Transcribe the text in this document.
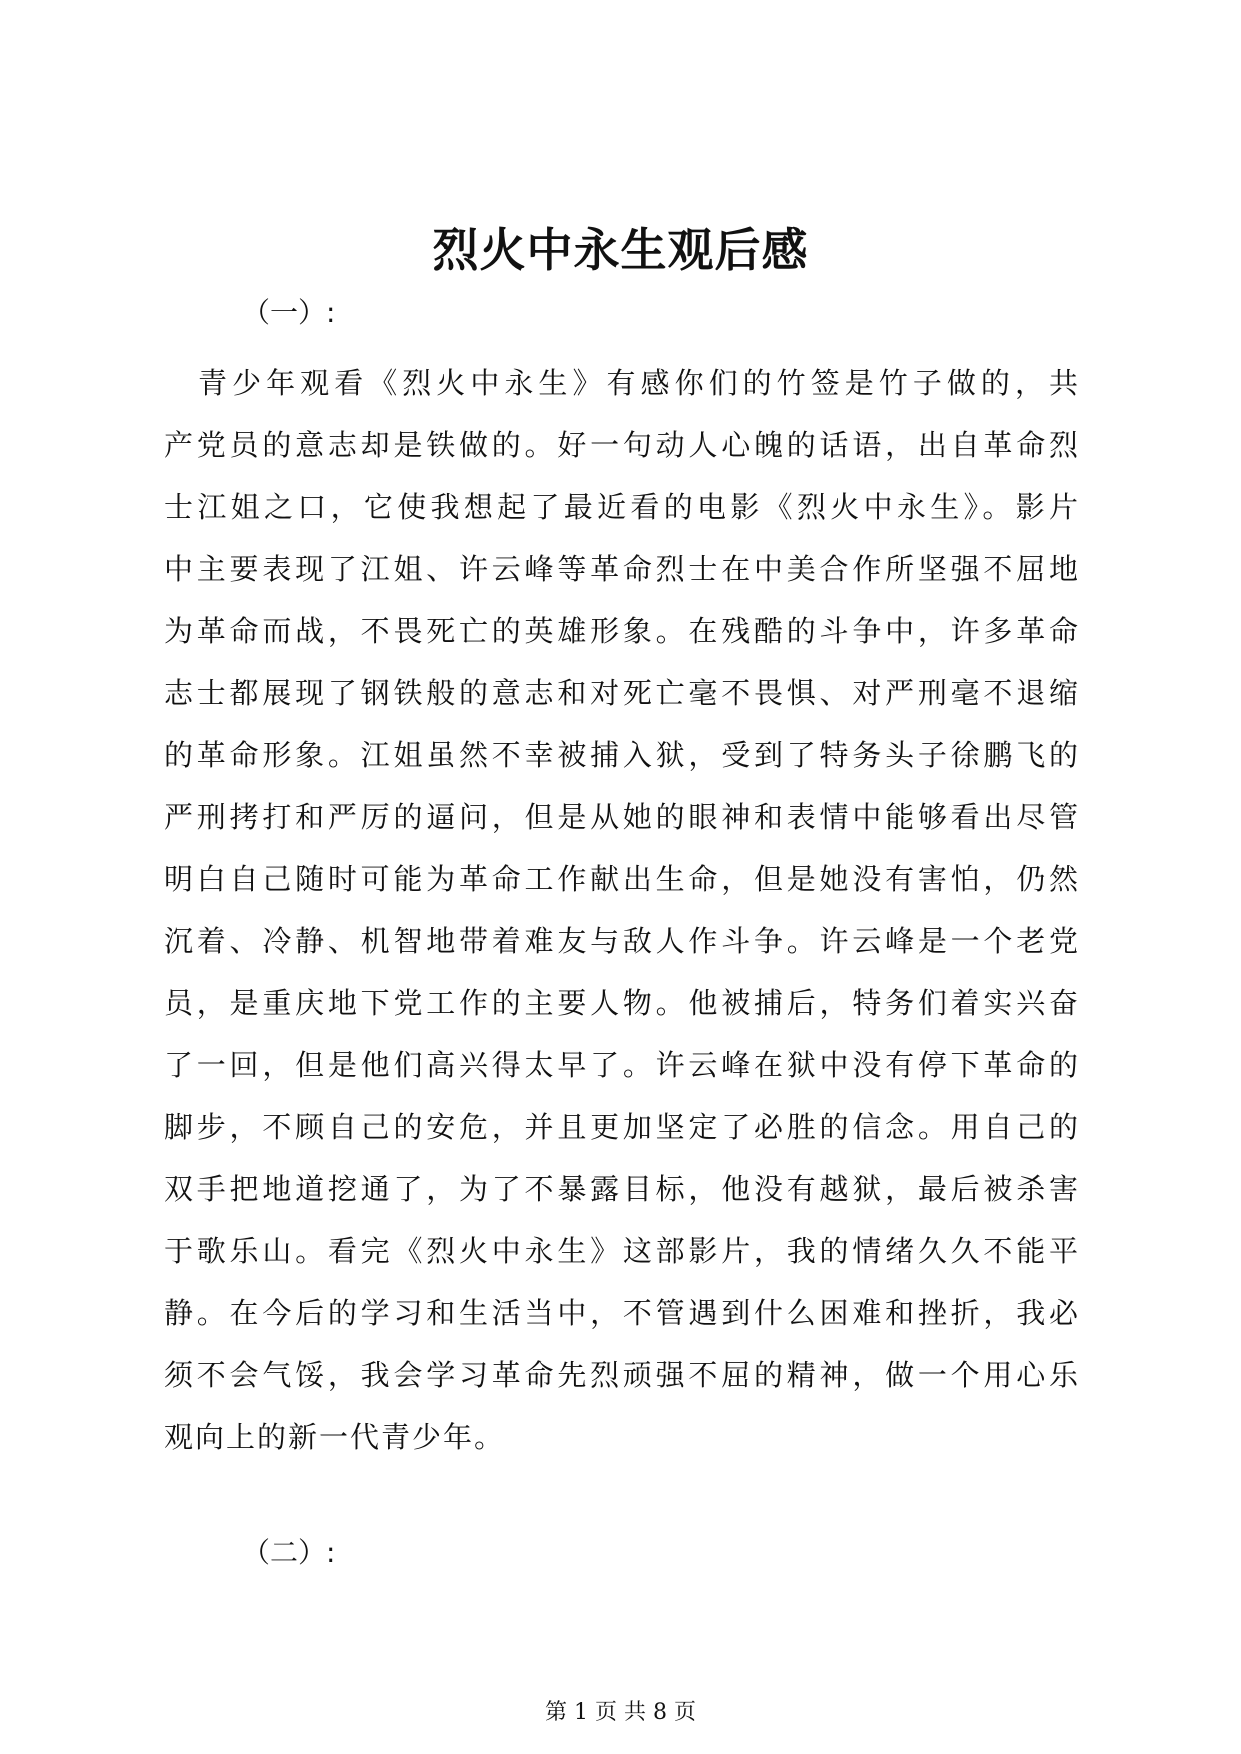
烈火中永生观后感
（一）:
　青少年观看《烈火中永生》有感你们的竹签是竹子做的，共
产党员的意志却是铁做的。好一句动人心魄的话语，出自革命烈
士江姐之口，它使我想起了最近看的电影《烈火中永生》。影片
中主要表现了江姐、许云峰等革命烈士在中美合作所坚强不屈地
为革命而战，不畏死亡的英雄形象。在残酷的斗争中，许多革命
志士都展现了钢铁般的意志和对死亡毫不畏惧、对严刑毫不退缩
的革命形象。江姐虽然不幸被捕入狱，受到了特务头子徐鹏飞的
严刑拷打和严厉的逼问，但是从她的眼神和表情中能够看出尽管
明白自己随时可能为革命工作献出生命，但是她没有害怕，仍然
沉着、冷静、机智地带着难友与敌人作斗争。许云峰是一个老党
员，是重庆地下党工作的主要人物。他被捕后，特务们着实兴奋
了一回，但是他们高兴得太早了。许云峰在狱中没有停下革命的
脚步，不顾自己的安危，并且更加坚定了必胜的信念。用自己的
双手把地道挖通了，为了不暴露目标，他没有越狱，最后被杀害
于歌乐山。看完《烈火中永生》这部影片，我的情绪久久不能平
静。在今后的学习和生活当中，不管遇到什么困难和挫折，我必
须不会气馁，我会学习革命先烈顽强不屈的精神，做一个用心乐
观向上的新一代青少年。
（二）:
第 1 页 共 8 页
